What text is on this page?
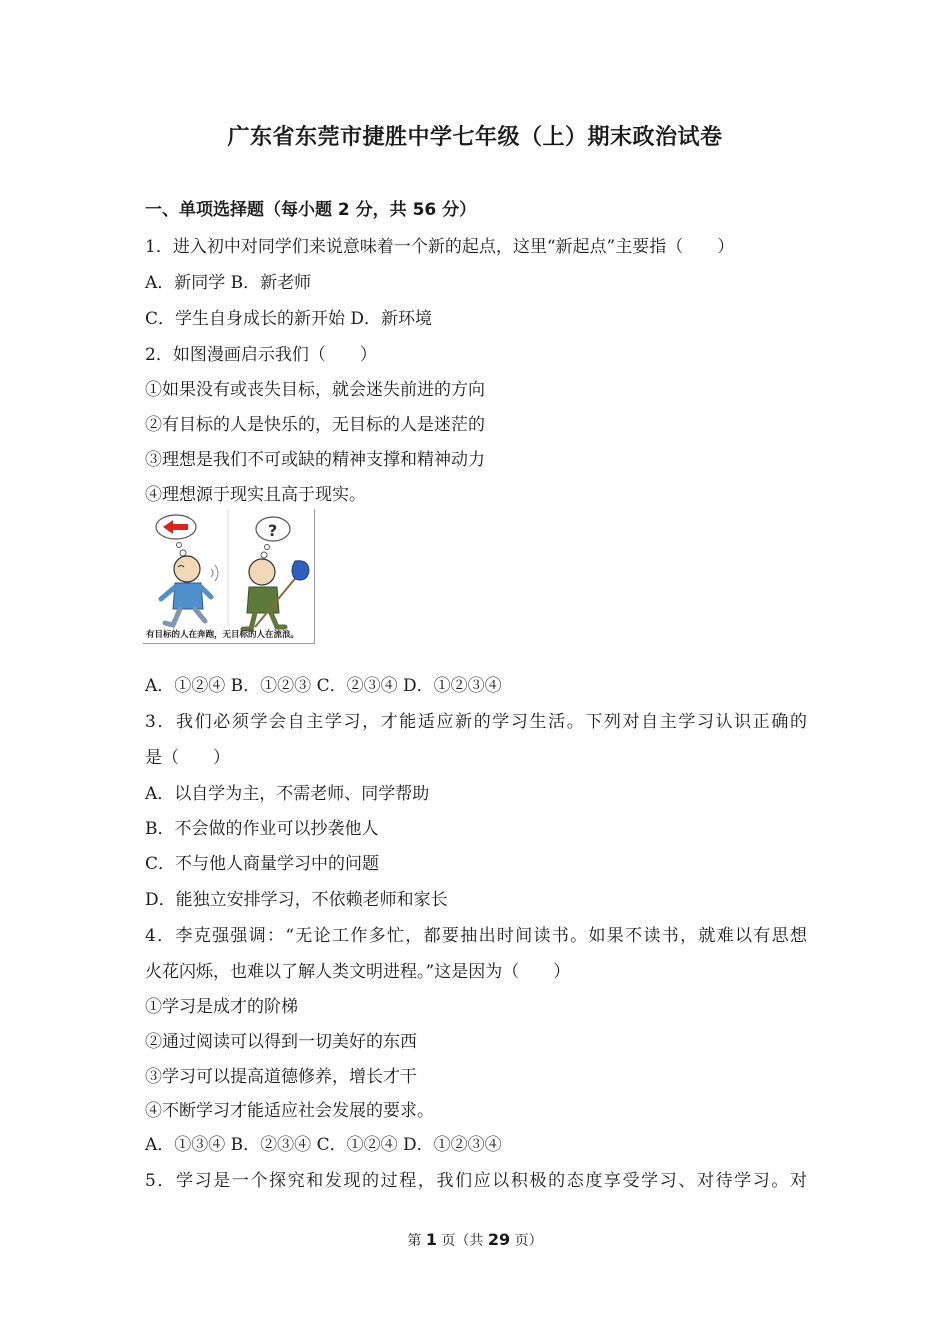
广东省东莞市捷胜中学七年级（上）期末政治试卷
一、单项选择题（每小题 2 分，共 56 分）
1．进入初中对同学们来说意味着一个新的起点，这里“新起点”主要指（　　）
A．新同学 B．新老师
C．学生自身成长的新开始 D．新环境
2．如图漫画启示我们（　　）
①如果没有或丧失目标，就会迷失前进的方向
②有目标的人是快乐的，无目标的人是迷茫的
③理想是我们不可或缺的精神支撑和精神动力
④理想源于现实且高于现实。
?
有目标的人在奔跑，无目标的人在流浪。
A．①②④ B．①②③ C．②③④ D．①②③④
3．我们必须学会自主学习，才能适应新的学习生活。下列对自主学习认识正确的
是（　　）
A．以自学为主，不需老师、同学帮助
B．不会做的作业可以抄袭他人
C．不与他人商量学习中的问题
D．能独立安排学习，不依赖老师和家长
4．李克强强调：“无论工作多忙，都要抽出时间读书。如果不读书，就难以有思想
火花闪烁，也难以了解人类文明进程。”这是因为（　　）
①学习是成才的阶梯
②通过阅读可以得到一切美好的东西
③学习可以提高道德修养，增长才干
④不断学习才能适应社会发展的要求。
A．①③④ B．②③④ C．①②④ D．①②③④
5．学习是一个探究和发现的过程，我们应以积极的态度享受学习、对待学习。对
第 1 页（共 29 页）
